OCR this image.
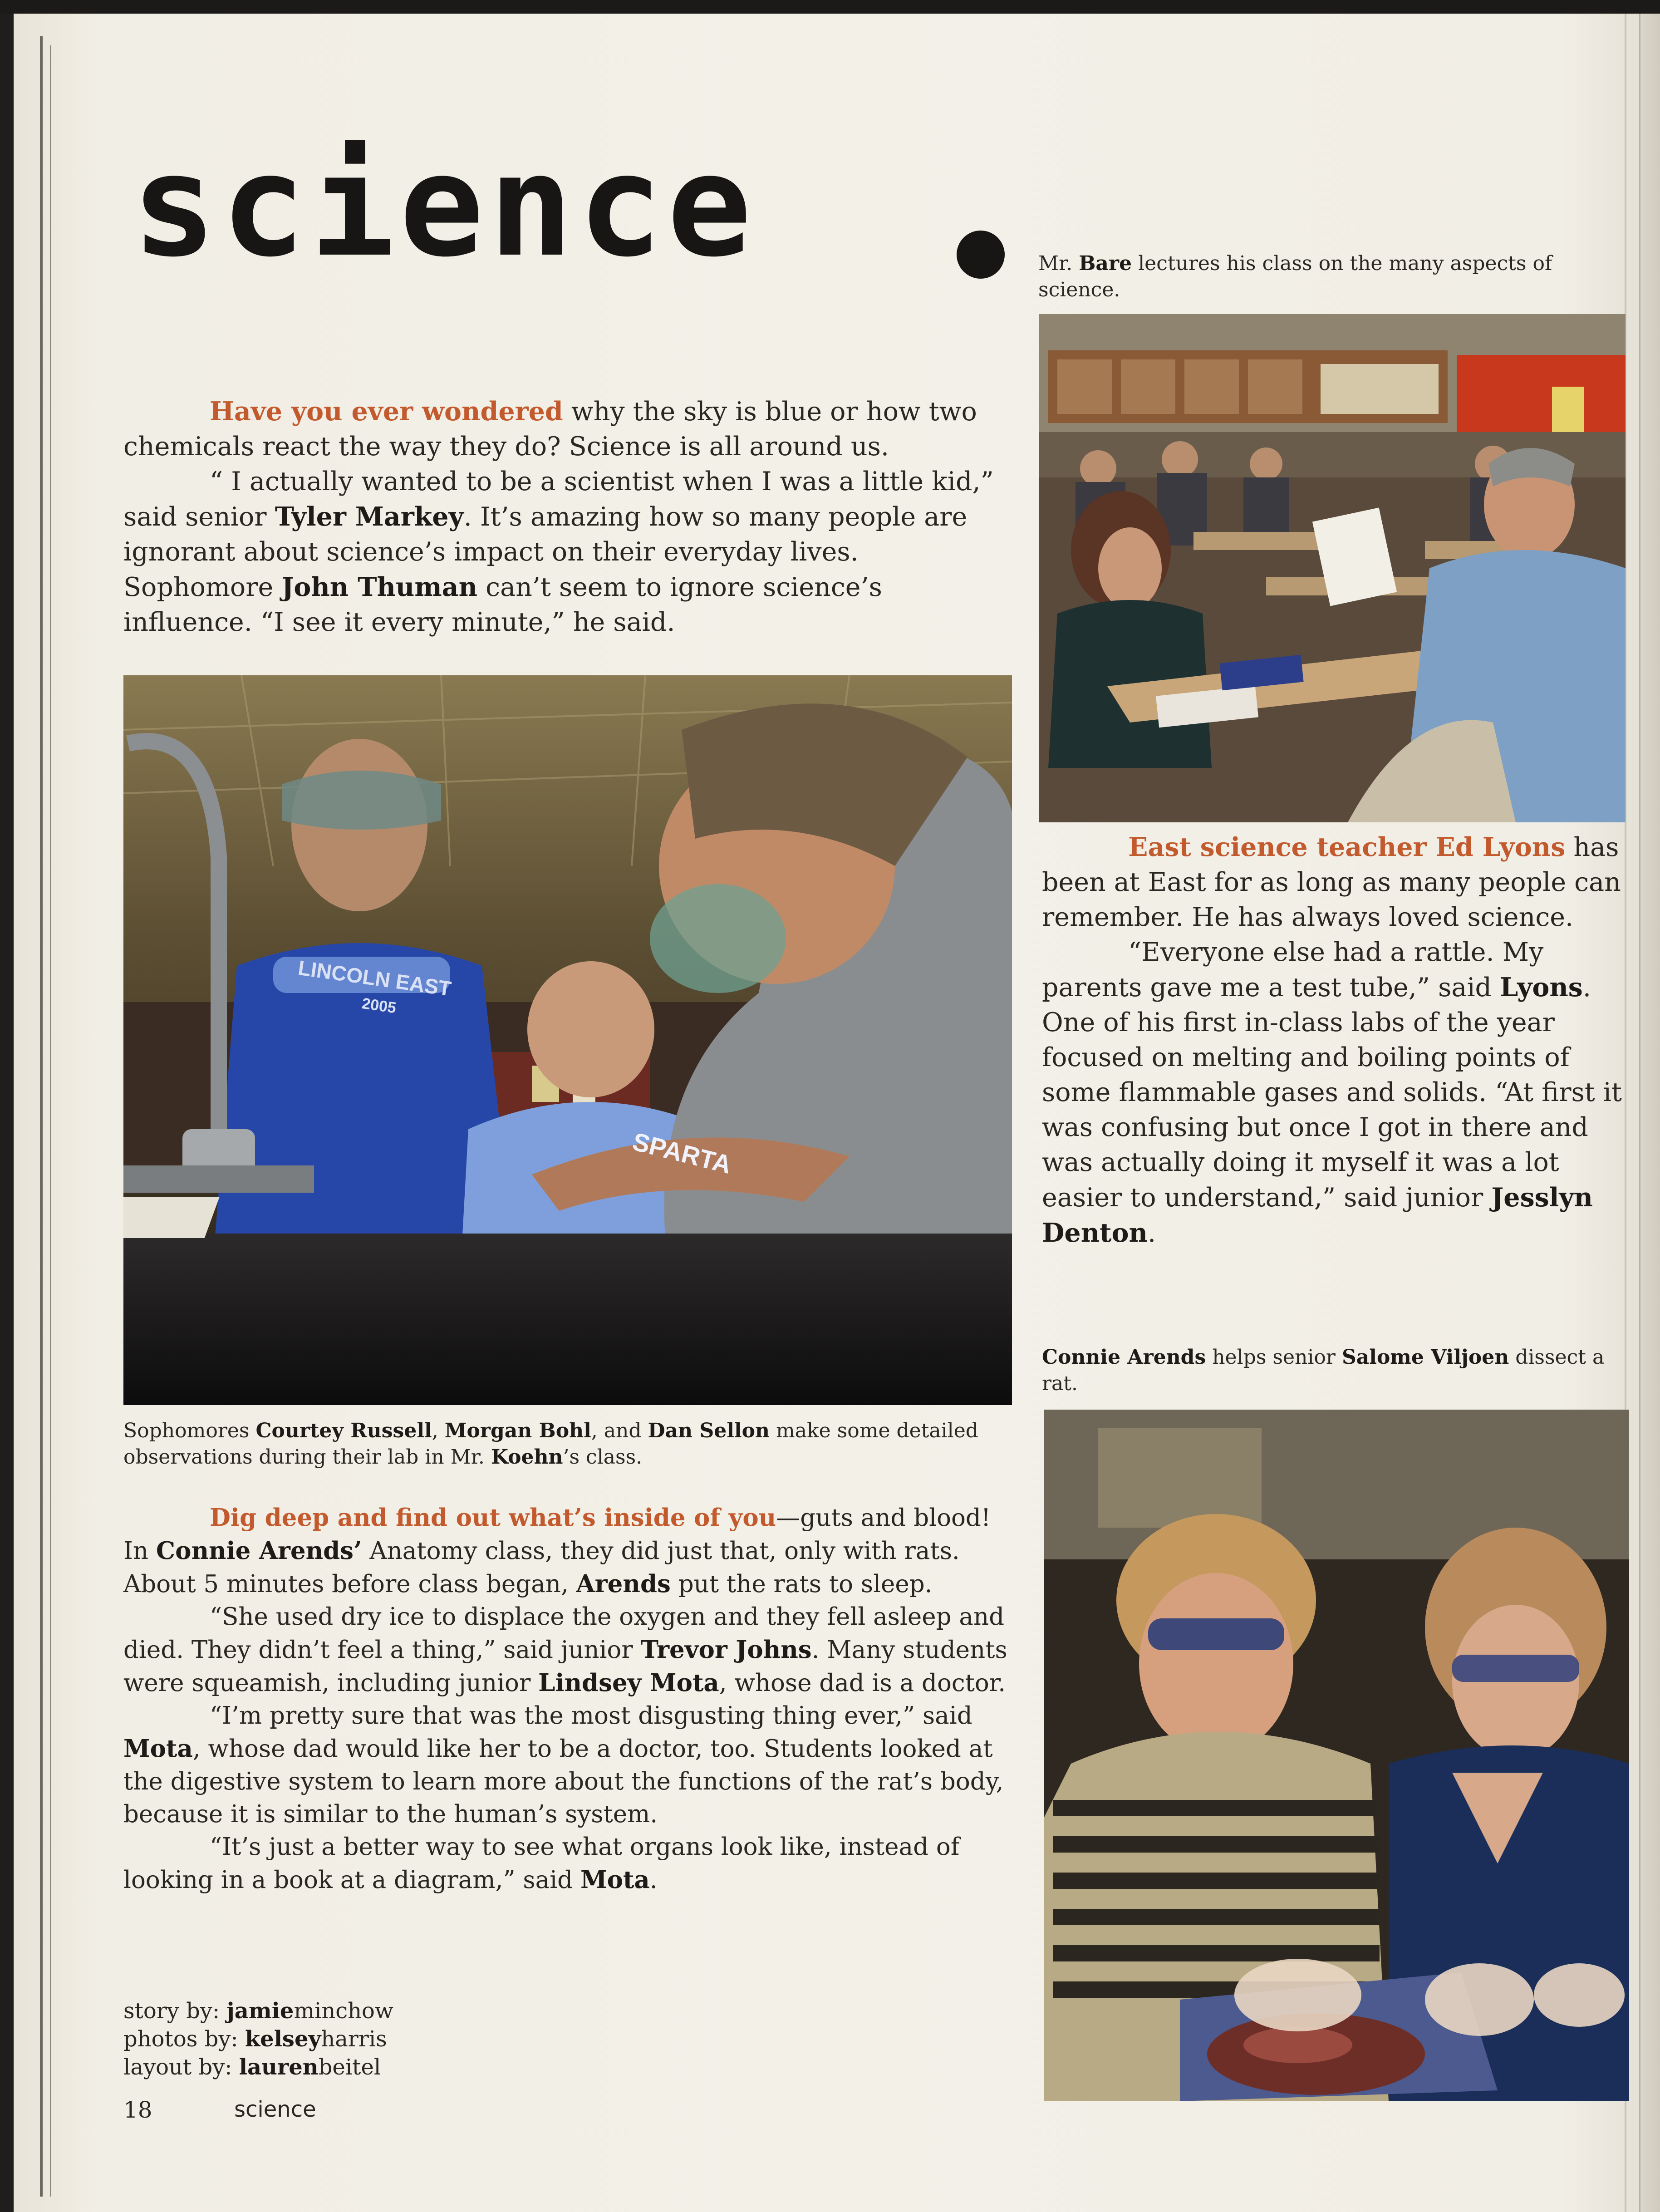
science

Have you ever wondered why the sky is blue or how two chemicals react the way they do? Science is all around us.

“ I actually wanted to be a scientist when I was a little kid,” said senior Tyler Markey. It’s amazing how so many people are ignorant about science’s impact on their everyday lives. Sophomore John Thuman can’t seem to ignore science’s influence. “I see it every minute,” he said.

LINCOLN EAST
2005
SPARTA

Sophomores Courtey Russell, Morgan Bohl, and Dan Sellon make some detailed observations during their lab in Mr. Koehn’s class.

Dig deep and find out what’s inside of you—guts and blood! In Connie Arends’ Anatomy class, they did just that, only with rats. About 5 minutes before class began, Arends put the rats to sleep.

“She used dry ice to displace the oxygen and they fell asleep and died. They didn’t feel a thing,” said junior Trevor Johns. Many students were squeamish, including junior Lindsey Mota, whose dad is a doctor.

“I’m pretty sure that was the most disgusting thing ever,” said Mota, whose dad would like her to be a doctor, too. Students looked at the digestive system to learn more about the functions of the rat’s body, because it is similar to the human’s system.

“It’s just a better way to see what organs look like, instead of looking in a book at a diagram,” said Mota.

story by: jamieminchow

photos by: kelseyharris

layout by: laurenbeitel

18	science

Mr. Bare lectures his class on the many aspects of science.

East science teacher Ed Lyons has been at East for as long as many people can remember. He has always loved science.

“Everyone else had a rattle. My parents gave me a test tube,” said Lyons. One of his first in-class labs of the year focused on melting and boiling points of some flammable gases and solids. “At first it was confusing but once I got in there and was actually doing it myself it was a lot easier to understand,” said junior Jesslyn Denton.

Connie Arends helps senior Salome Viljoen dissect a rat.
